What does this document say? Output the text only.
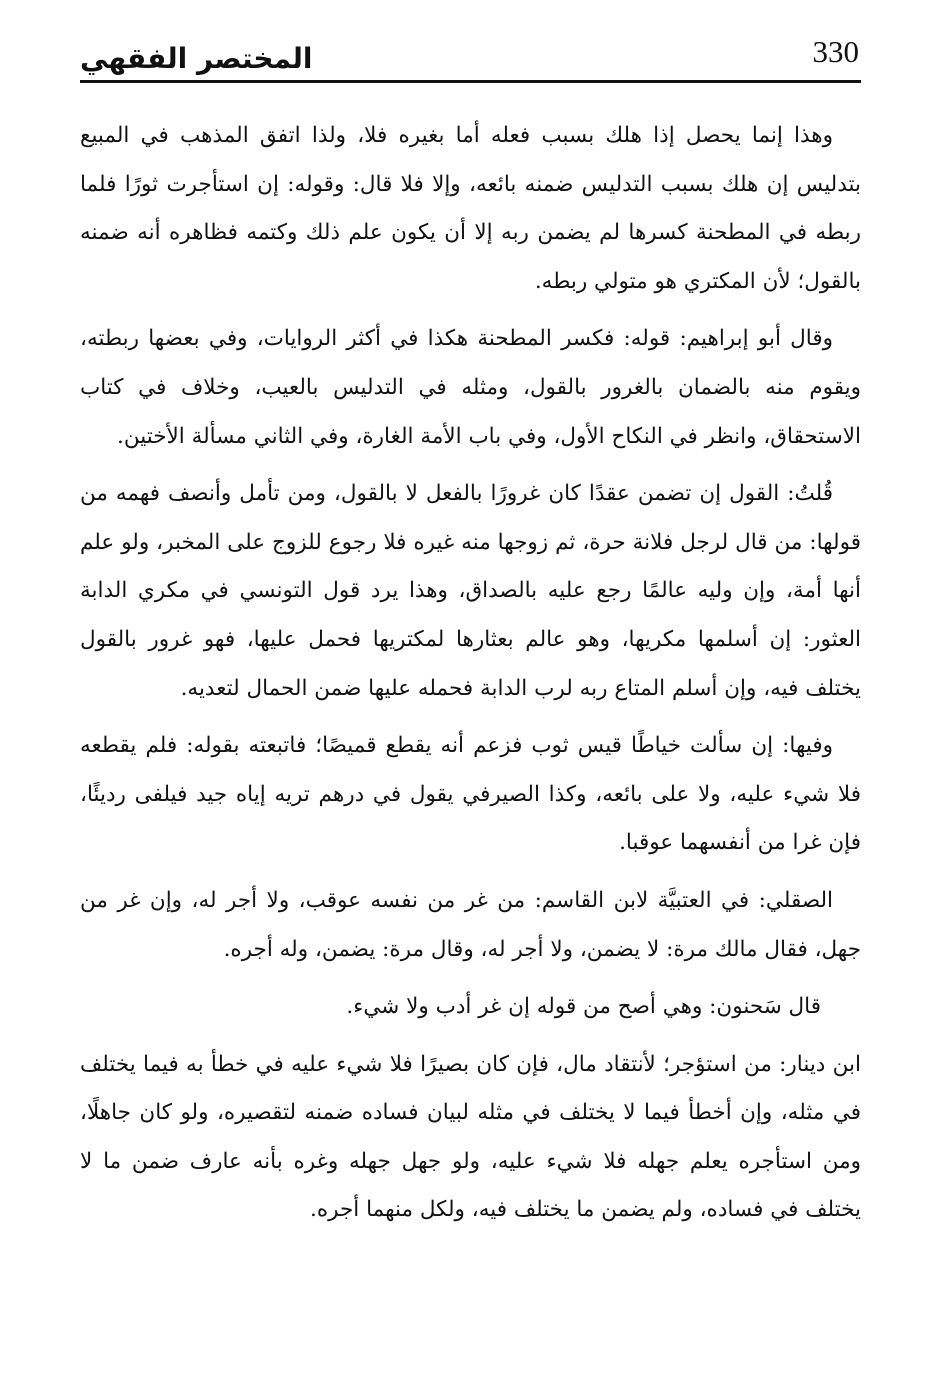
المختصر الفقهي	330

وهذا إنما يحصل إذا هلك بسبب فعله أما بغيره فلا، ولذا اتفق المذهب في المبيع بتدليس إن هلك بسبب التدليس ضمنه بائعه، وإلا فلا قال: وقوله: إن استأجرت ثورًا فلما ربطه في المطحنة كسرها لم يضمن ربه إلا أن يكون علم ذلك وكتمه فظاهره أنه ضمنه بالقول؛ لأن المكتري هو متولي ربطه.

وقال أبو إبراهيم: قوله: فكسر المطحنة هكذا في أكثر الروايات، وفي بعضها ربطته، ويقوم منه بالضمان بالغرور بالقول، ومثله في التدليس بالعيب، وخلاف في كتاب الاستحقاق، وانظر في النكاح الأول، وفي باب الأمة الغارة، وفي الثاني مسألة الأختين.

قُلتُ: القول إن تضمن عقدًا كان غرورًا بالفعل لا بالقول، ومن تأمل وأنصف فهمه من قولها: من قال لرجل فلانة حرة، ثم زوجها منه غيره فلا رجوع للزوج على المخبر، ولو علم أنها أمة، وإن وليه عالمًا رجع عليه بالصداق، وهذا يرد قول التونسي في مكري الدابة العثور: إن أسلمها مكريها، وهو عالم بعثارها لمكتريها فحمل عليها، فهو غرور بالقول يختلف فيه، وإن أسلم المتاع ربه لرب الدابة فحمله عليها ضمن الحمال لتعديه.

وفيها: إن سألت خياطًا قيس ثوب فزعم أنه يقطع قميصًا؛ فاتبعته بقوله: فلم يقطعه فلا شيء عليه، ولا على بائعه، وكذا الصيرفي يقول في درهم تريه إياه جيد فيلفى رديئًا، فإن غرا من أنفسهما عوقبا.

الصقلي: في العتبيَّة لابن القاسم: من غر من نفسه عوقب، ولا أجر له، وإن غر من جهل، فقال مالك مرة: لا يضمن، ولا أجر له، وقال مرة: يضمن، وله أجره.

قال سَحنون: وهي أصح من قوله إن غر أدب ولا شيء.

ابن دينار: من استؤجر؛ لأنتقاد مال، فإن كان بصيرًا فلا شيء عليه في خطأ به فيما يختلف في مثله، وإن أخطأ فيما لا يختلف في مثله لبيان فساده ضمنه لتقصيره، ولو كان جاهلًا، ومن استأجره يعلم جهله فلا شيء عليه، ولو جهل جهله وغره بأنه عارف ضمن ما لا يختلف في فساده، ولم يضمن ما يختلف فيه، ولكل منهما أجره.
